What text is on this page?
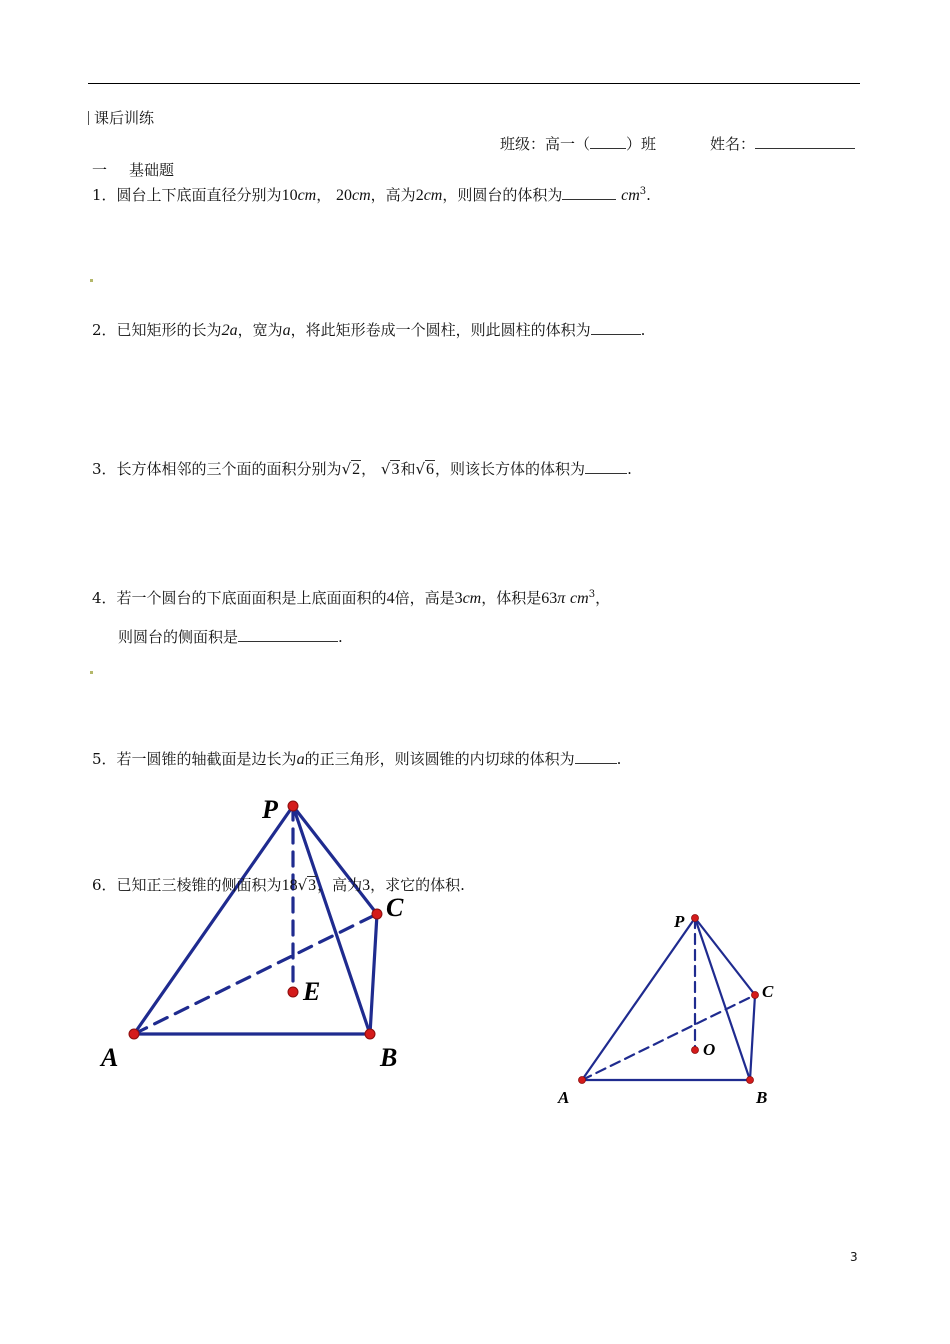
课后训练
班级：高一（ ）班	姓名：
一 基础题
1．圆台上下底面直径分别为10cm， 20cm，高为2cm，则圆台的体积为	$cm^3$.
2．已知矩形的长为2a，宽为a，将此矩形卷成一个圆柱，则此圆柱的体积为	.
3．长方体相邻的三个面的面积分别为√2， √3和√6，则该长方体的体积为	.
4．若一个圆台的下底面面积是上底面面积的4倍，高是3cm，体积是63π $cm^3$，
则圆台的侧面积是	.
5．若一圆锥的轴截面是边长为a的正三角形，则该圆锥的内切球的体积为	.
P
C
E
A	B
6．已知正三棱锥的侧面积为18√3，高为3，求它的体积.
P
C
O
A	B
3
